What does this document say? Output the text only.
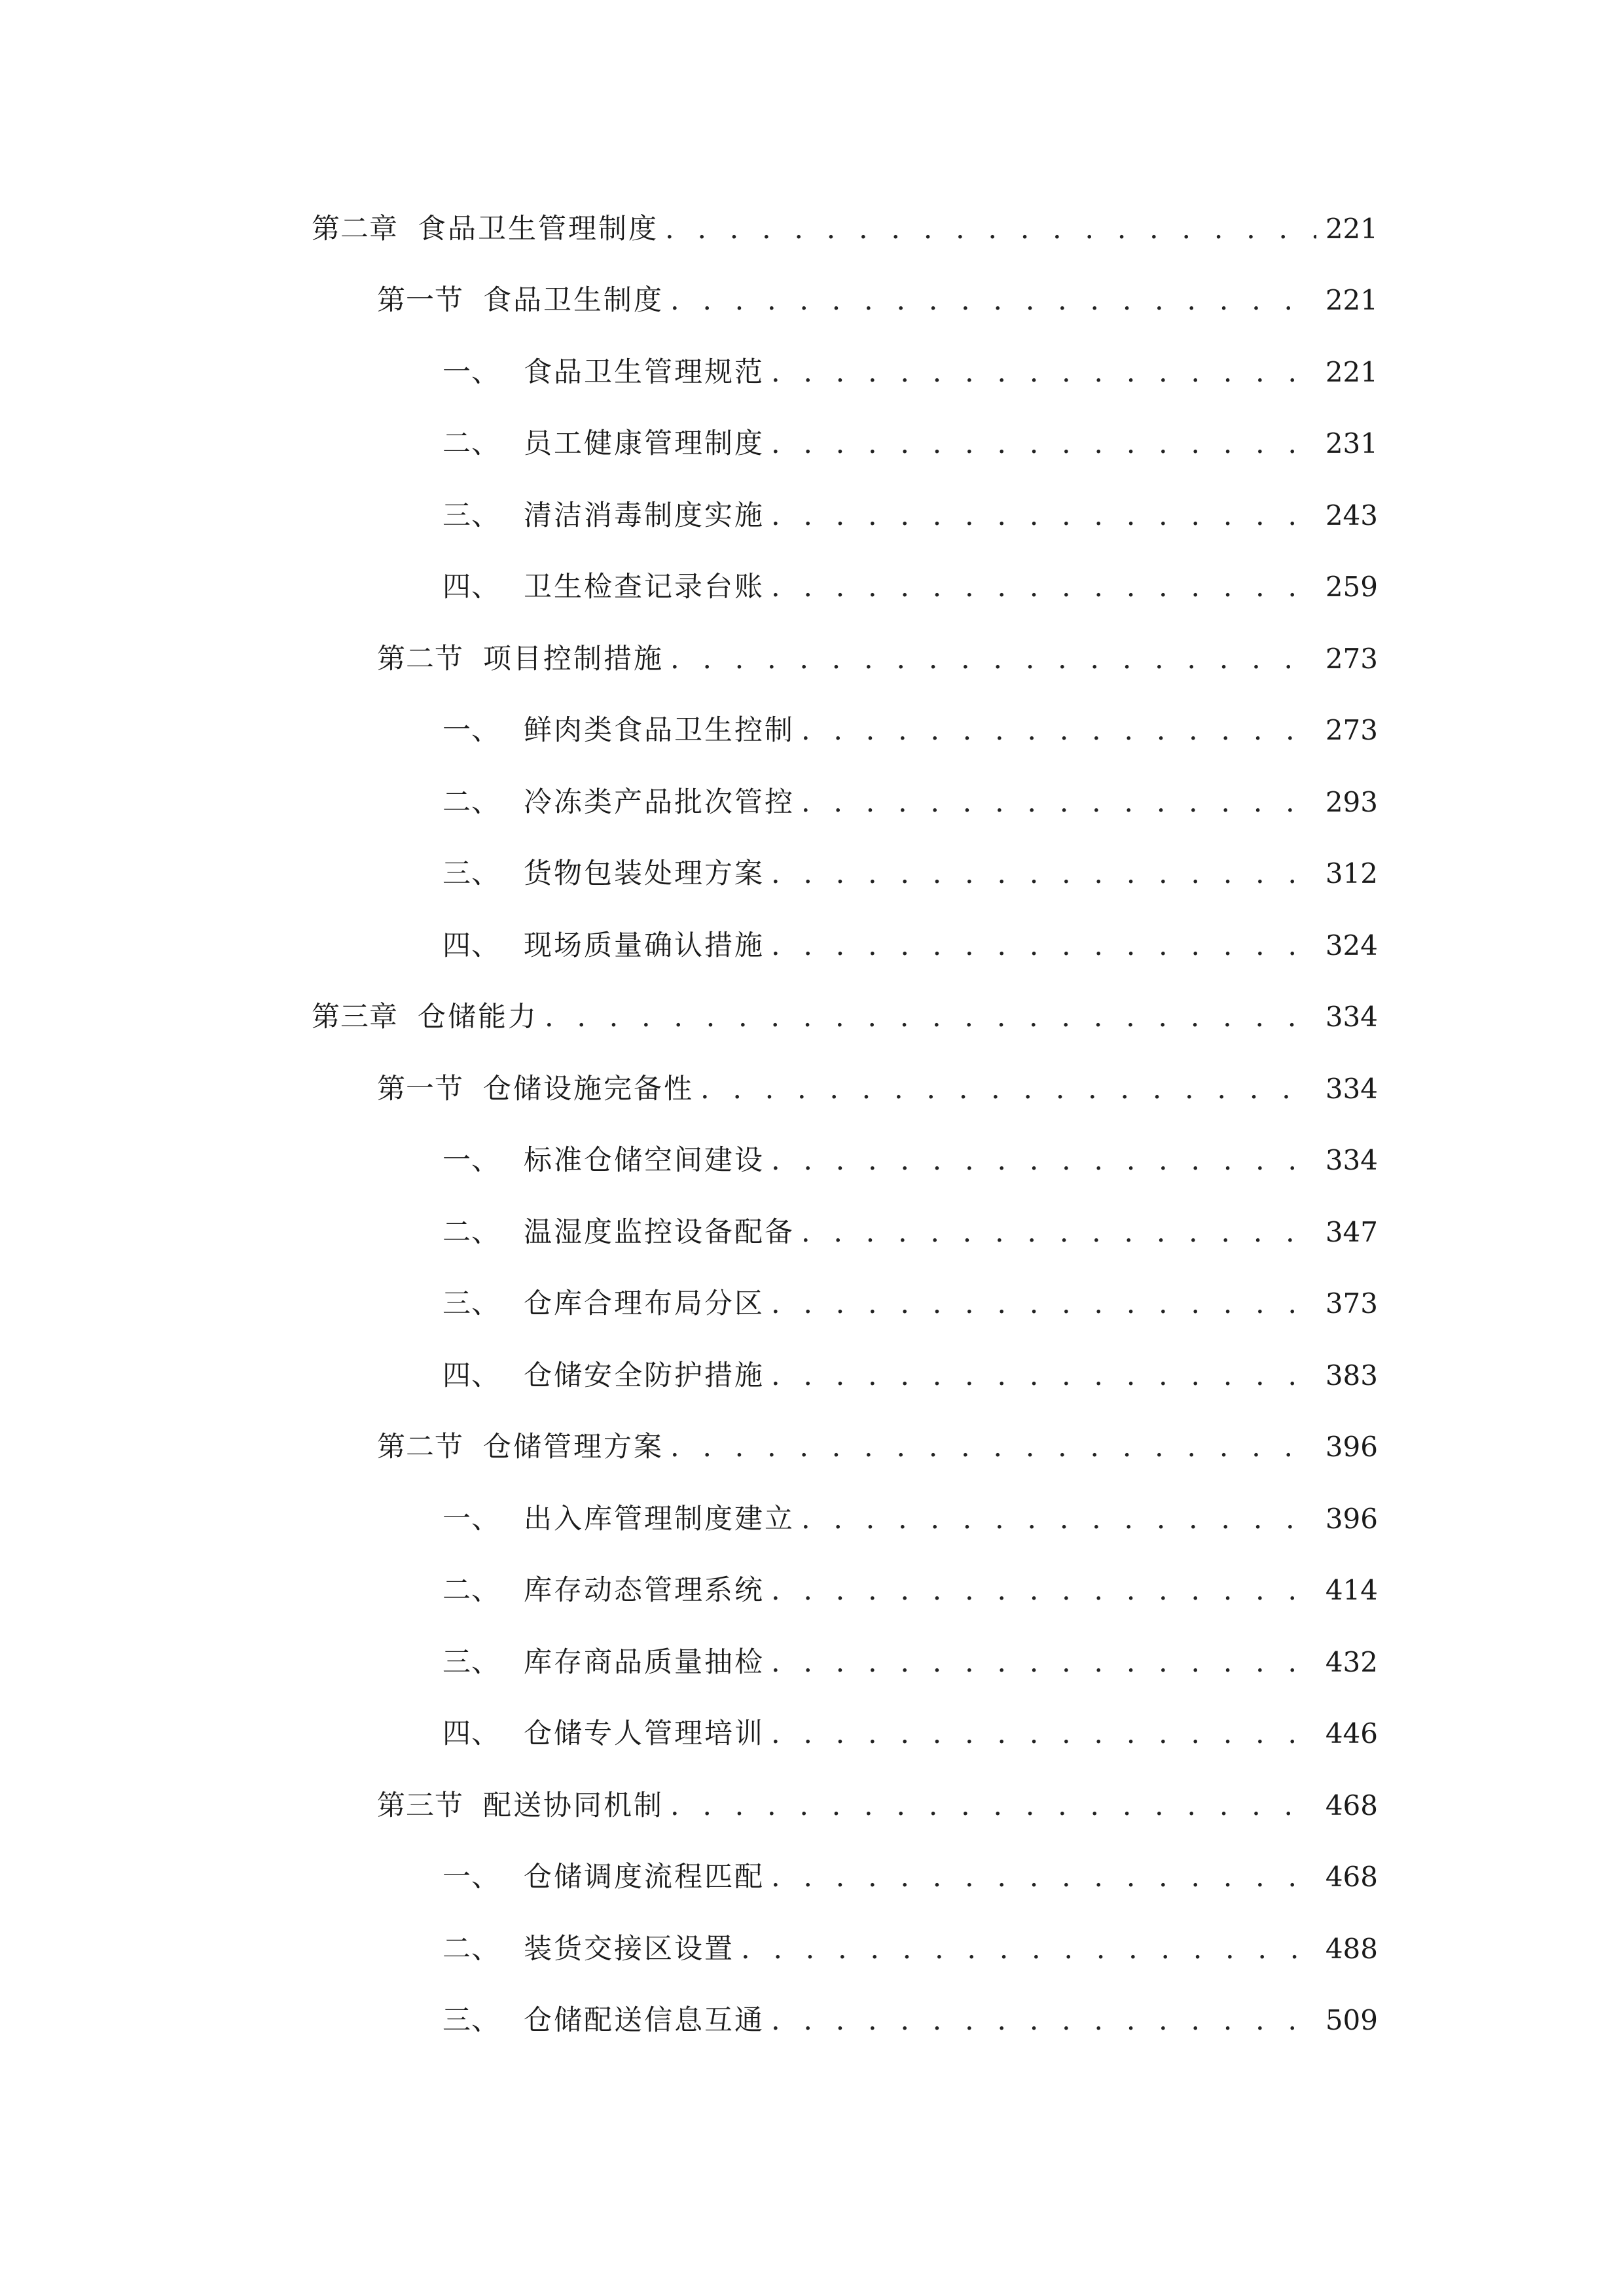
第二章 食品卫生管理制度 . . .	221
第一节 食品卫生制度 . . .	221
一、 食品卫生管理规范 . . .	221
二、 员工健康管理制度 . . .	231
三、 清洁消毒制度实施 . . .	243
四、 卫生检查记录台账 . . .	259
第二节 项目控制措施 . . .	273
一、 鲜肉类食品卫生控制 . . .	273
二、 冷冻类产品批次管控 . . .	293
三、 货物包装处理方案 . . .	312
四、 现场质量确认措施 . . .	324
第三章 仓储能力 . . .	334
第一节 仓储设施完备性 . . .	334
一、 标准仓储空间建设 . . .	334
二、 温湿度监控设备配备 . . .	347
三、 仓库合理布局分区 . . .	373
四、 仓储安全防护措施 . . .	383
第二节 仓储管理方案 . . .	396
一、 出入库管理制度建立 . . .	396
二、 库存动态管理系统 . . .	414
三、 库存商品质量抽检 . . .	432
四、 仓储专人管理培训 . . .	446
第三节 配送协同机制 . . .	468
一、 仓储调度流程匹配 . . .	468
二、 装货交接区设置 . . .	488
三、 仓储配送信息互通 . . .	509
